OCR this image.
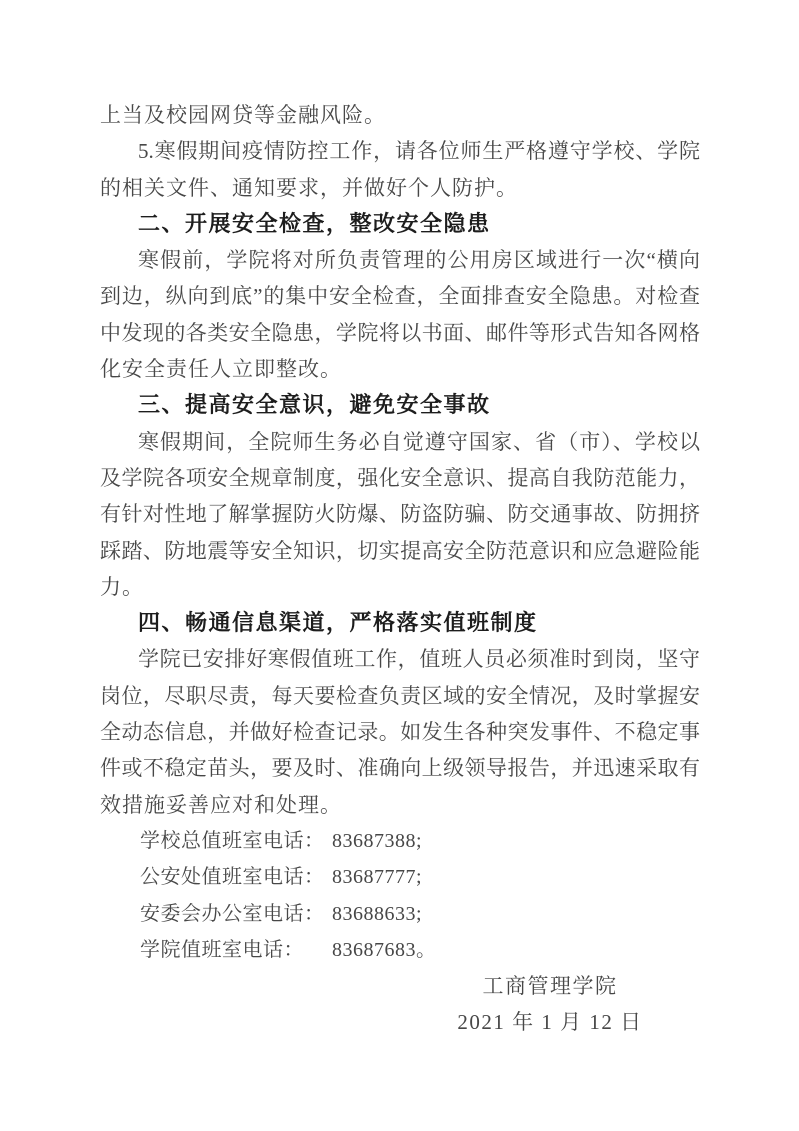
上当及校园网贷等金融风险。
5.寒假期间疫情防控工作，请各位师生严格遵守学校、学院
的相关文件、通知要求，并做好个人防护。
二、开展安全检查，整改安全隐患
寒假前，学院将对所负责管理的公用房区域进行一次“横向
到边，纵向到底”的集中安全检查，全面排查安全隐患。对检查
中发现的各类安全隐患，学院将以书面、邮件等形式告知各网格
化安全责任人立即整改。
三、提高安全意识，避免安全事故
寒假期间，全院师生务必自觉遵守国家、省（市）、学校以
及学院各项安全规章制度，强化安全意识、提高自我防范能力，
有针对性地了解掌握防火防爆、防盗防骗、防交通事故、防拥挤
踩踏、防地震等安全知识，切实提高安全防范意识和应急避险能
力。
四、畅通信息渠道，严格落实值班制度
学院已安排好寒假值班工作，值班人员必须准时到岗，坚守
岗位，尽职尽责，每天要检查负责区域的安全情况，及时掌握安
全动态信息，并做好检查记录。如发生各种突发事件、不稳定事
件或不稳定苗头，要及时、准确向上级领导报告，并迅速采取有
效措施妥善应对和处理。
学校总值班室电话： 83687388;
公安处值班室电话： 83687777;
安委会办公室电话： 83688633;
学院值班室电话： 83687683。
工商管理学院
2021 年 1 月 12 日
